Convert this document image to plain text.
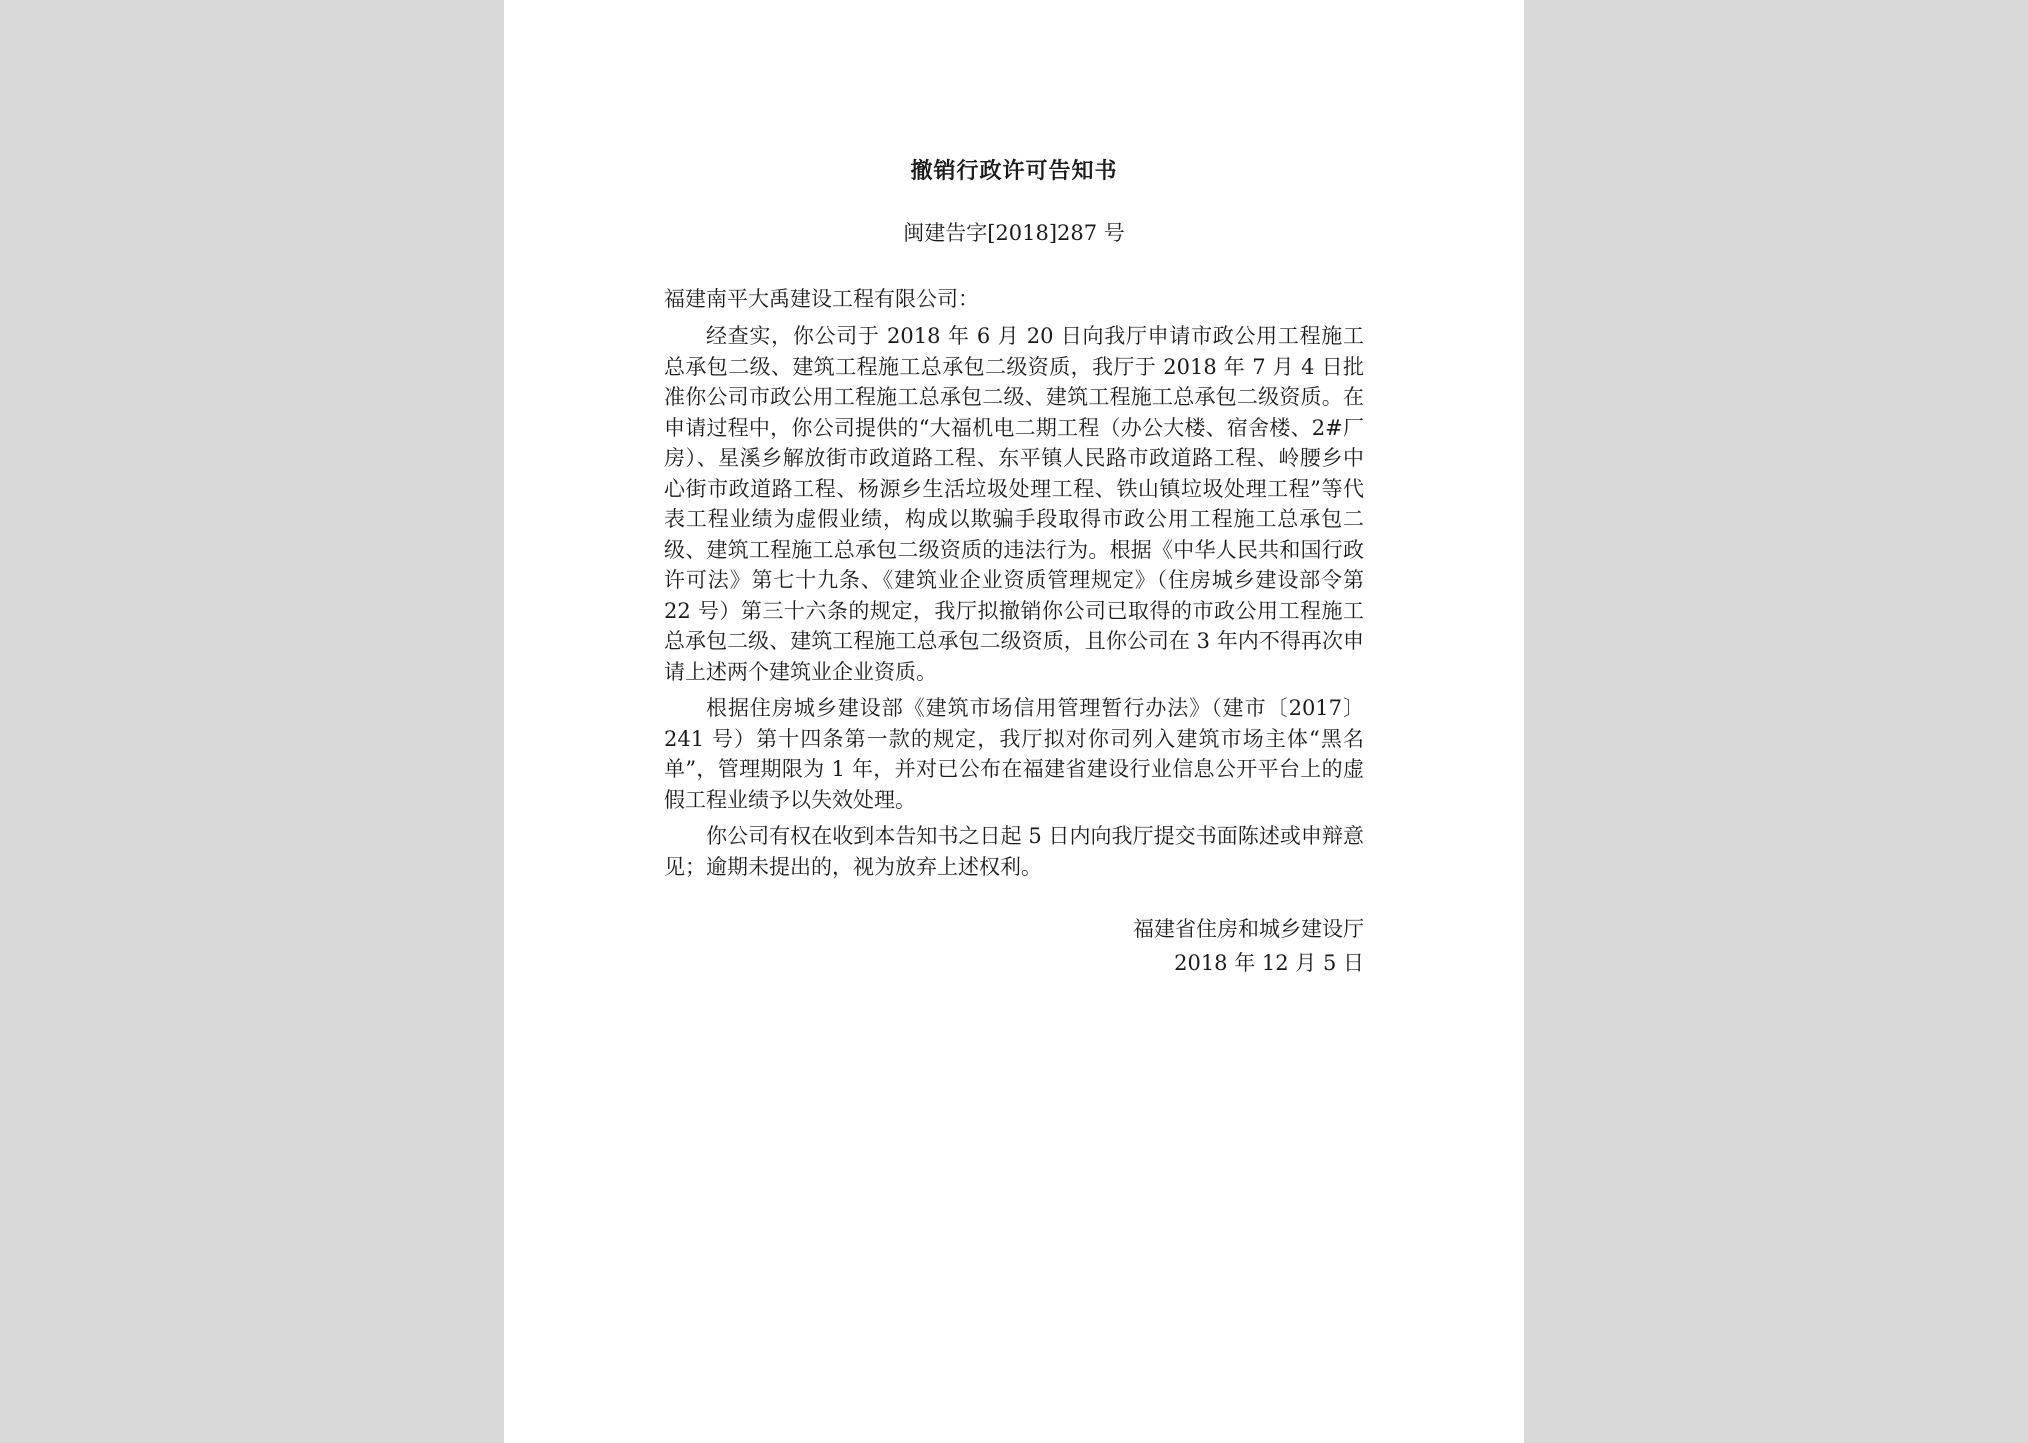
撤销行政许可告知书
闽建告字[2018]287 号
福建南平大禹建设工程有限公司：

经查实，你公司于 2018 年 6 月 20 日向我厅申请市政公用工程施工总承包二级、建筑工程施工总承包二级资质，我厅于 2018 年 7 月 4 日批准你公司市政公用工程施工总承包二级、建筑工程施工总承包二级资质。在申请过程中，你公司提供的“大福机电二期工程（办公大楼、宿舍楼、2#厂房）、星溪乡解放街市政道路工程、东平镇人民路市政道路工程、岭腰乡中心街市政道路工程、杨源乡生活垃圾处理工程、铁山镇垃圾处理工程”等代表工程业绩为虚假业绩，构成以欺骗手段取得市政公用工程施工总承包二级、建筑工程施工总承包二级资质的违法行为。根据《中华人民共和国行政许可法》第七十九条、《建筑业企业资质管理规定》（住房城乡建设部令第 22 号）第三十六条的规定，我厅拟撤销你公司已取得的市政公用工程施工总承包二级、建筑工程施工总承包二级资质，且你公司在 3 年内不得再次申请上述两个建筑业企业资质。

根据住房城乡建设部《建筑市场信用管理暂行办法》（建市〔2017〕241 号）第十四条第一款的规定，我厅拟对你司列入建筑市场主体“黑名单”，管理期限为 1 年，并对已公布在福建省建设行业信息公开平台上的虚假工程业绩予以失效处理。

你公司有权在收到本告知书之日起 5 日内向我厅提交书面陈述或申辩意见；逾期未提出的，视为放弃上述权利。

福建省住房和城乡建设厅
2018 年 12 月 5 日
